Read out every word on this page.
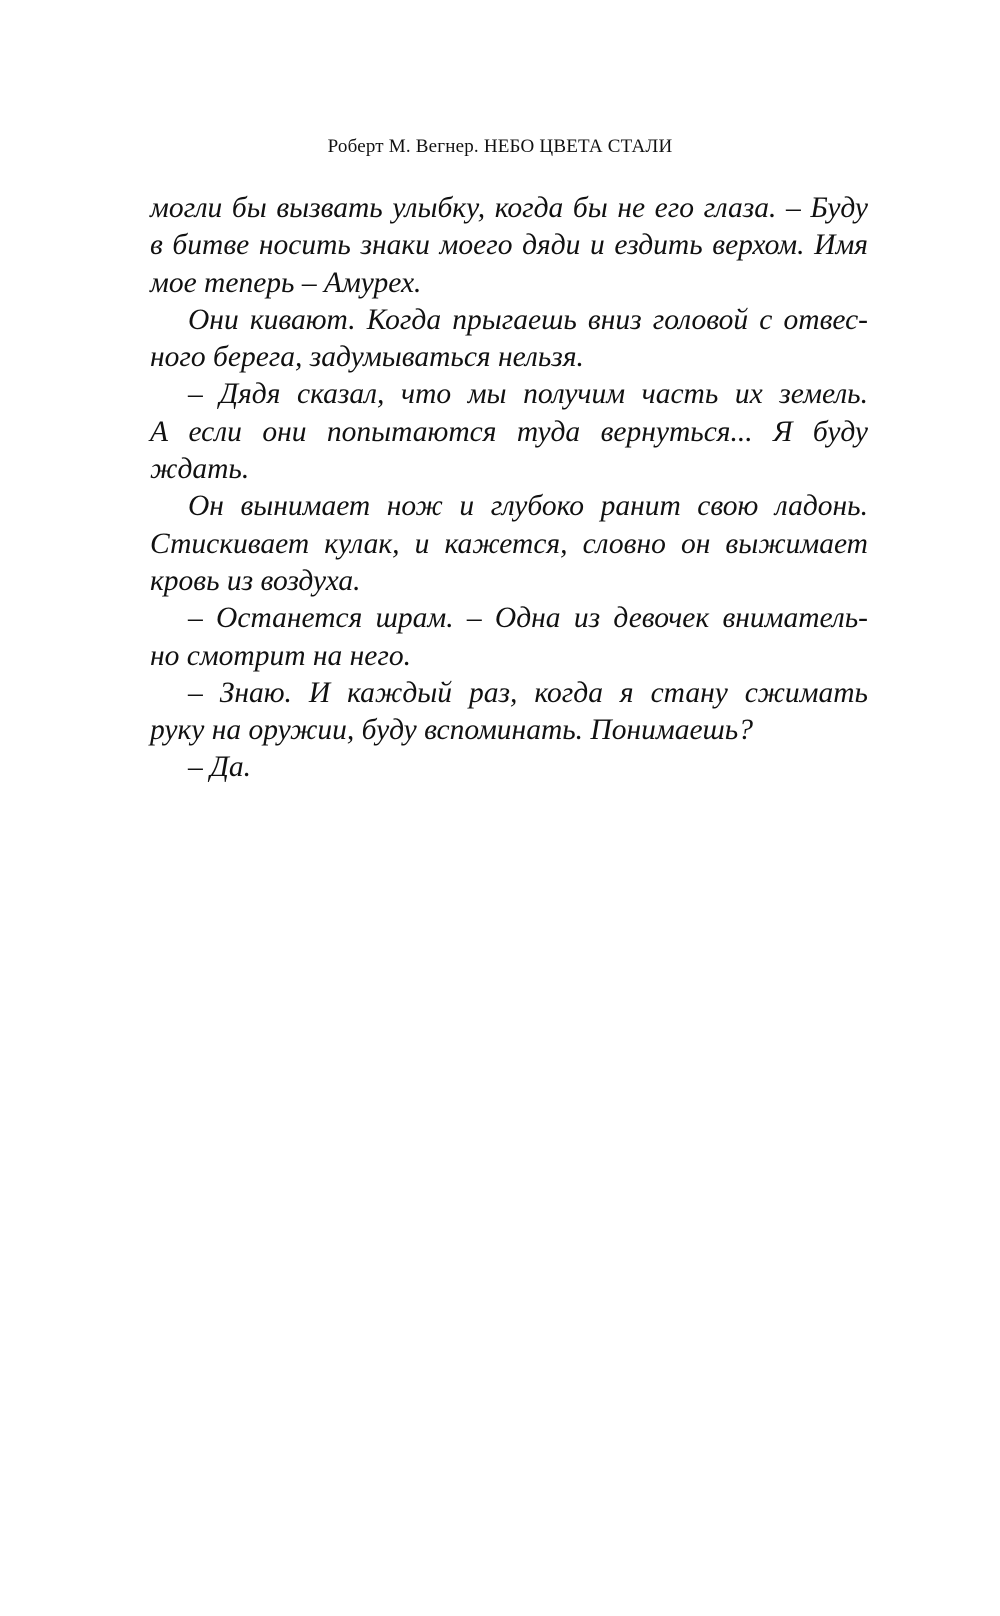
Роберт М. Вегнер. НЕБО ЦВЕТА СТАЛИ
могли бы вызвать улыбку, когда бы не его глаза. – Буду
в битве носить знаки моего дяди и ездить верхом. Имя
мое теперь – Амурех.
Они кивают. Когда прыгаешь вниз головой с отвес-
ного берега, задумываться нельзя.
– Дядя сказал, что мы получим часть их земель.
А если они попытаются туда вернуться... Я буду
ждать.
Он вынимает нож и глубоко ранит свою ладонь.
Стискивает кулак, и кажется, словно он выжимает
кровь из воздуха.
– Останется шрам. – Одна из девочек вниматель-
но смотрит на него.
– Знаю. И каждый раз, когда я стану сжимать
руку на оружии, буду вспоминать. Понимаешь?
– Да.
